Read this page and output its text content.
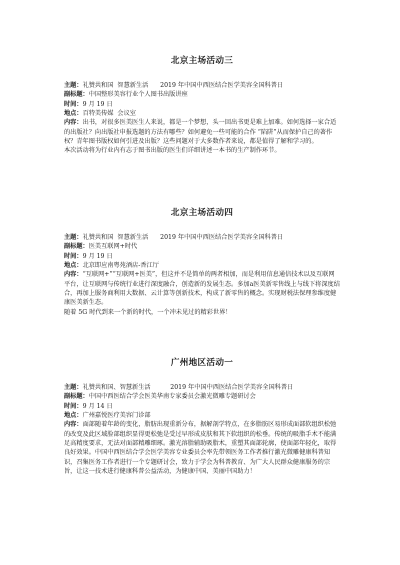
北京主场活动三

主题：礼赞共和国  智慧新生活      2019 年中国中西医结合医学美容全国科普日

副标题：中国整形美容行业个人图书出版讲座

时间：9 月 19 日

地点：百特美传媒  会议室

内容：出书，对很多医美医生人来说，都是一个梦想，头一回出书更是难上加难。如何选择一家合适的出版社？向出版社申报选题的方法有哪些？如何避免一些可能的合作 “陷阱”从而保护自己的著作权？青年图书版权如何引进及出版？这些问题对于大多数作者来说，都是值得了解和学习的。

本次活动将为行业内有志于图书出版的医生们详细讲述一本书的生产制作环节。

北京主场活动四

主题：礼赞共和国  智慧新生活      2019 年中国中西医结合医学美容全国科普日

副标题：医美互联网+时代

时间：9 月 19 日

地点：北京即应南粤苑酒店-香江厅

内容：“互联网+”“互联网+医美”，但这并不是简单的两者相加，而是利用信息通信技术以及互联网平台，让互联网与传统行业进行深度融合，创造新的发展生态。多加a医美新零售线上与线下将深度结合，再加上服务商利用大数据、云计算等创新技术，构成了新零售的概念。实现财税法保理参维度健康医美新生态。

随着 5G 时代到来一个新的时代，一个冲未见过的精彩世界！

广州地区活动一

主题：礼赞共和国、智慧新生活          2019 年中国中西医结合医学美容全国科普日

副标题：中国中西医结合学会医美华南专家委员会激光微雕专题研讨会

时间：9 月 14 日

地点：广州嘉悦医疗美容门诊部

内容：面部随着年龄的变化，脂肪出现重新分布，据解剖学特点，在多脂肪区易形成面部软组织松弛的改变及此区域脸部组织显得更松弛是受过早形成皮肤和其下软组织的松垂。传统的吸脂手术不能满足高精度要求，无法对面部精雕细琢。激光溶脂辅助吸脂术，重塑其面部轮廓，使面部年轻化，取得良好效果。中国中西医结合学会医学美容专业委员会率先带领医务工作者推行激光微雕健康科普知识，召集医务工作者进行一个专题研讨会，致力于学会为科普教育、为广大人民群众健康服务的宗旨，让这一技术进行健康科普公益活动，为健康中国、美丽中国助力！
